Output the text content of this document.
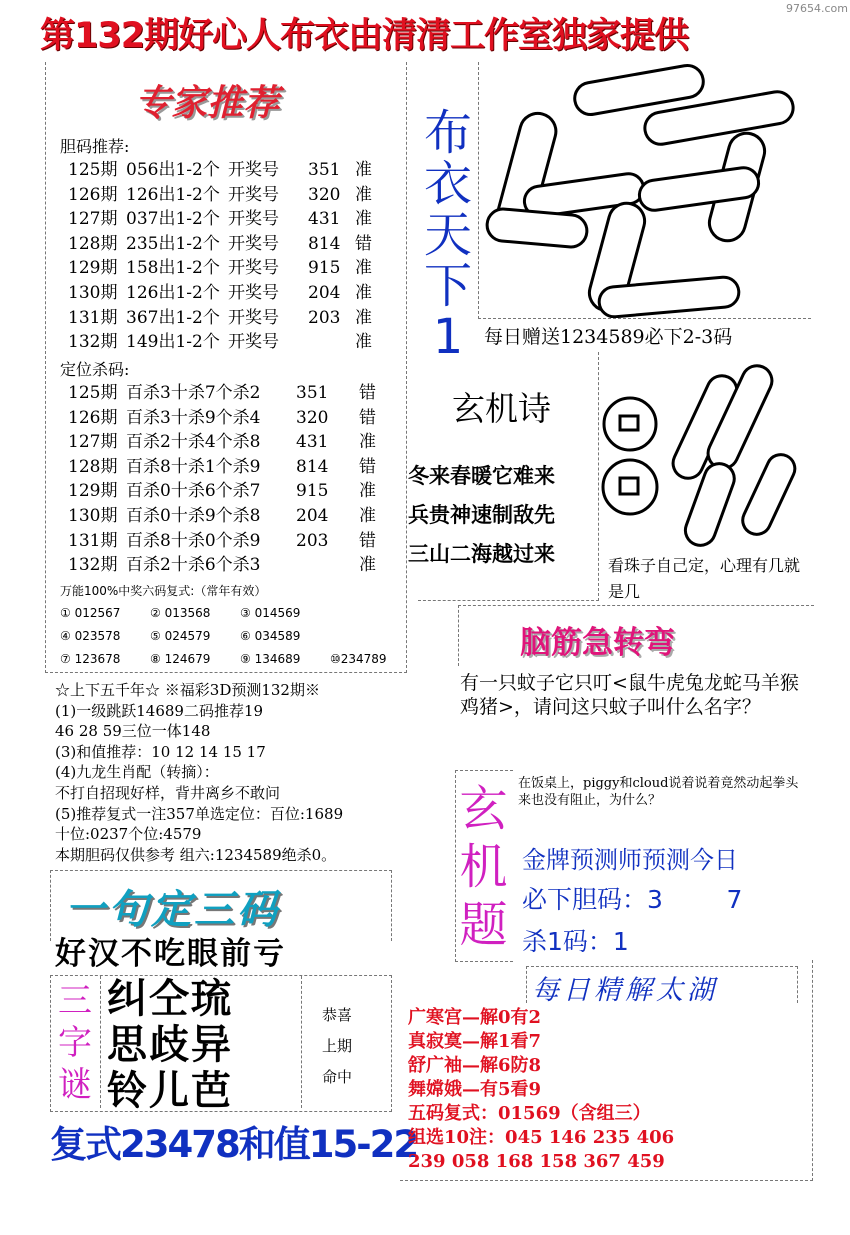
97654.com
第132期好心人布衣由清清工作室独家提供
专家推荐
胆码推荐:
125期 056出1-2个 开奖号	351 准
126期 126出1-2个 开奖号	320 准
127期 037出1-2个 开奖号	431 准
128期 235出1-2个 开奖号	814 错
129期 158出1-2个 开奖号	915 准
130期 126出1-2个 开奖号	204 准
131期 367出1-2个 开奖号	203 准
132期 149出1-2个 开奖号	准
定位杀码:
125期 百杀3十杀7个杀2	351	错
126期 百杀3十杀9个杀4	320	错
127期 百杀2十杀4个杀8	431	准
128期 百杀8十杀1个杀9	814	错
129期 百杀0十杀6个杀7	915	准
130期 百杀0十杀9个杀8	204	准
131期 百杀8十杀0个杀9	203	错
132期 百杀2十杀6个杀3	准
万能100%中奖六码复式:（常年有效）
① 012567	② 013568	③ 014569
④ 023578	⑤ 024579	⑥ 034589
⑦ 123678	⑧ 124679	⑨ 134689	⑩234789
布
衣
天
下
1	每日赠送1234589必下2-3码
玄机诗
冬来春暖它难来
兵贵神速制敌先
三山二海越过来	看珠子自己定，心理有几就是几
脑筋急转弯
有一只蚊子它只叮<鼠牛虎兔龙蛇马羊猴鸡猪>，请问这只蚊子叫什么名字？
☆上下五千年☆ ※福彩3D预测132期※
(1)一级跳跃14689二码推荐19
46 28 59三位一体148
(3)和值推荐：10 12 14 15 17
(4)九龙生肖配（转摘）：
不打自招现好样，背井离乡不敢问
(5)推荐复式一注357单选定位：百位:1689
十位:0237个位:4579
本期胆码仅供参考 组六:1234589绝杀0。
玄
机
题
在饭桌上，piggy和cloud说着说着竟然动起拳头来也没有阻止，为什么？
金牌预测师预测今日
必下胆码：3        7
杀1码：1
一句定三码
好汉不吃眼前亏
三
字
谜
纠仝琉
思歧异
铃儿芭
恭喜
上期
命中
复式23478和值15-22
每日精解太湖
广寒宫—解0有2
真寂寞—解1看7
舒广袖—解6防8
舞嫦娥—有5看9
五码复式：01569（含组三）
组选10注：045 146 235 406
239 058 168 158 367 459
